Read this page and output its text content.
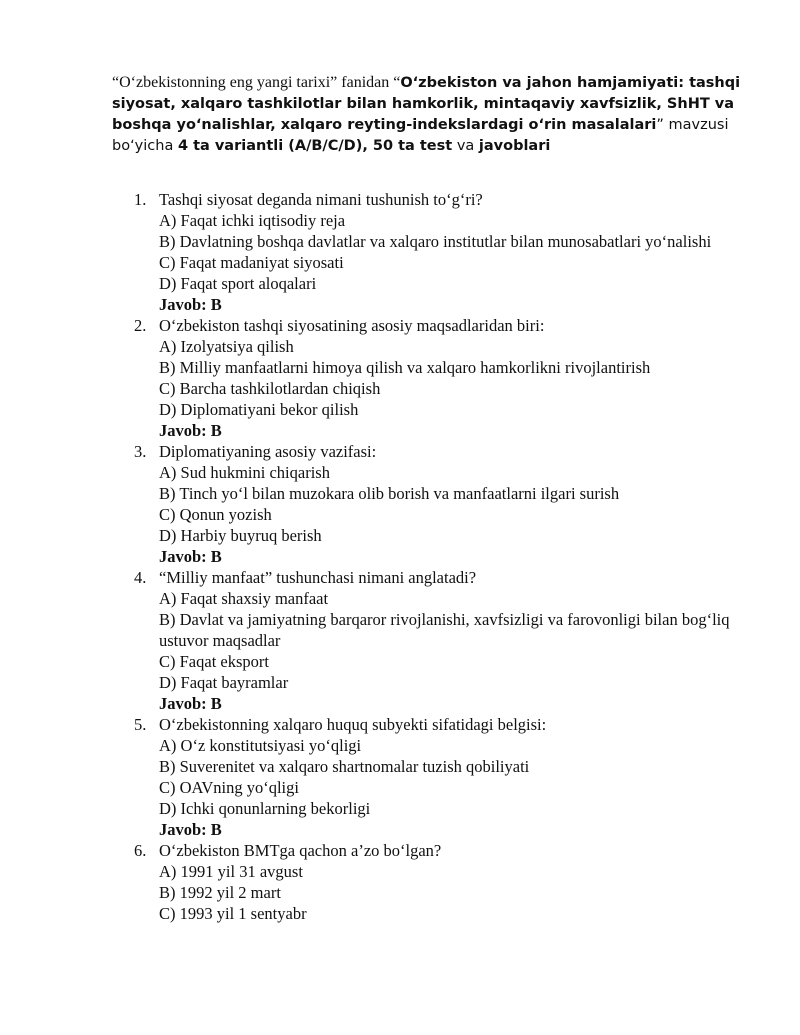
“Oʻzbekistonning eng yangi tarixi” fanidan “Oʻzbekiston va jahon hamjamiyati: tashqi siyosat, xalqaro tashkilotlar bilan hamkorlik, mintaqaviy xavfsizlik, ShHT va boshqa yoʻnalishlar, xalqaro reyting-indekslardagi oʻrin masalalari” mavzusi boʻyicha 4 ta variantli (A/B/C/D), 50 ta test va javoblari
1. Tashqi siyosat deganda nimani tushunish toʻgʻri?
A) Faqat ichki iqtisodiy reja
B) Davlatning boshqa davlatlar va xalqaro institutlar bilan munosabatlari yoʻnalishi
C) Faqat madaniyat siyosati
D) Faqat sport aloqalari
Javob: B
2. Oʻzbekiston tashqi siyosatining asosiy maqsadlaridan biri:
A) Izolyatsiya qilish
B) Milliy manfaatlarni himoya qilish va xalqaro hamkorlikni rivojlantirish
C) Barcha tashkilotlardan chiqish
D) Diplomatiyani bekor qilish
Javob: B
3. Diplomatiyaning asosiy vazifasi:
A) Sud hukmini chiqarish
B) Tinch yoʻl bilan muzokara olib borish va manfaatlarni ilgari surish
C) Qonun yozish
D) Harbiy buyruq berish
Javob: B
4. “Milliy manfaat” tushunchasi nimani anglatadi?
A) Faqat shaxsiy manfaat
B) Davlat va jamiyatning barqaror rivojlanishi, xavfsizligi va farovonligi bilan bogʻliq ustuvor maqsadlar
C) Faqat eksport
D) Faqat bayramlar
Javob: B
5. Oʻzbekistonning xalqaro huquq subyekti sifatidagi belgisi:
A) Oʻz konstitutsiyasi yoʻqligi
B) Suverenitet va xalqaro shartnomalar tuzish qobiliyati
C) OAVning yoʻqligi
D) Ichki qonunlarning bekorligi
Javob: B
6. Oʻzbekiston BMTga qachon a’zo boʻlgan?
A) 1991 yil 31 avgust
B) 1992 yil 2 mart
C) 1993 yil 1 sentyabr
